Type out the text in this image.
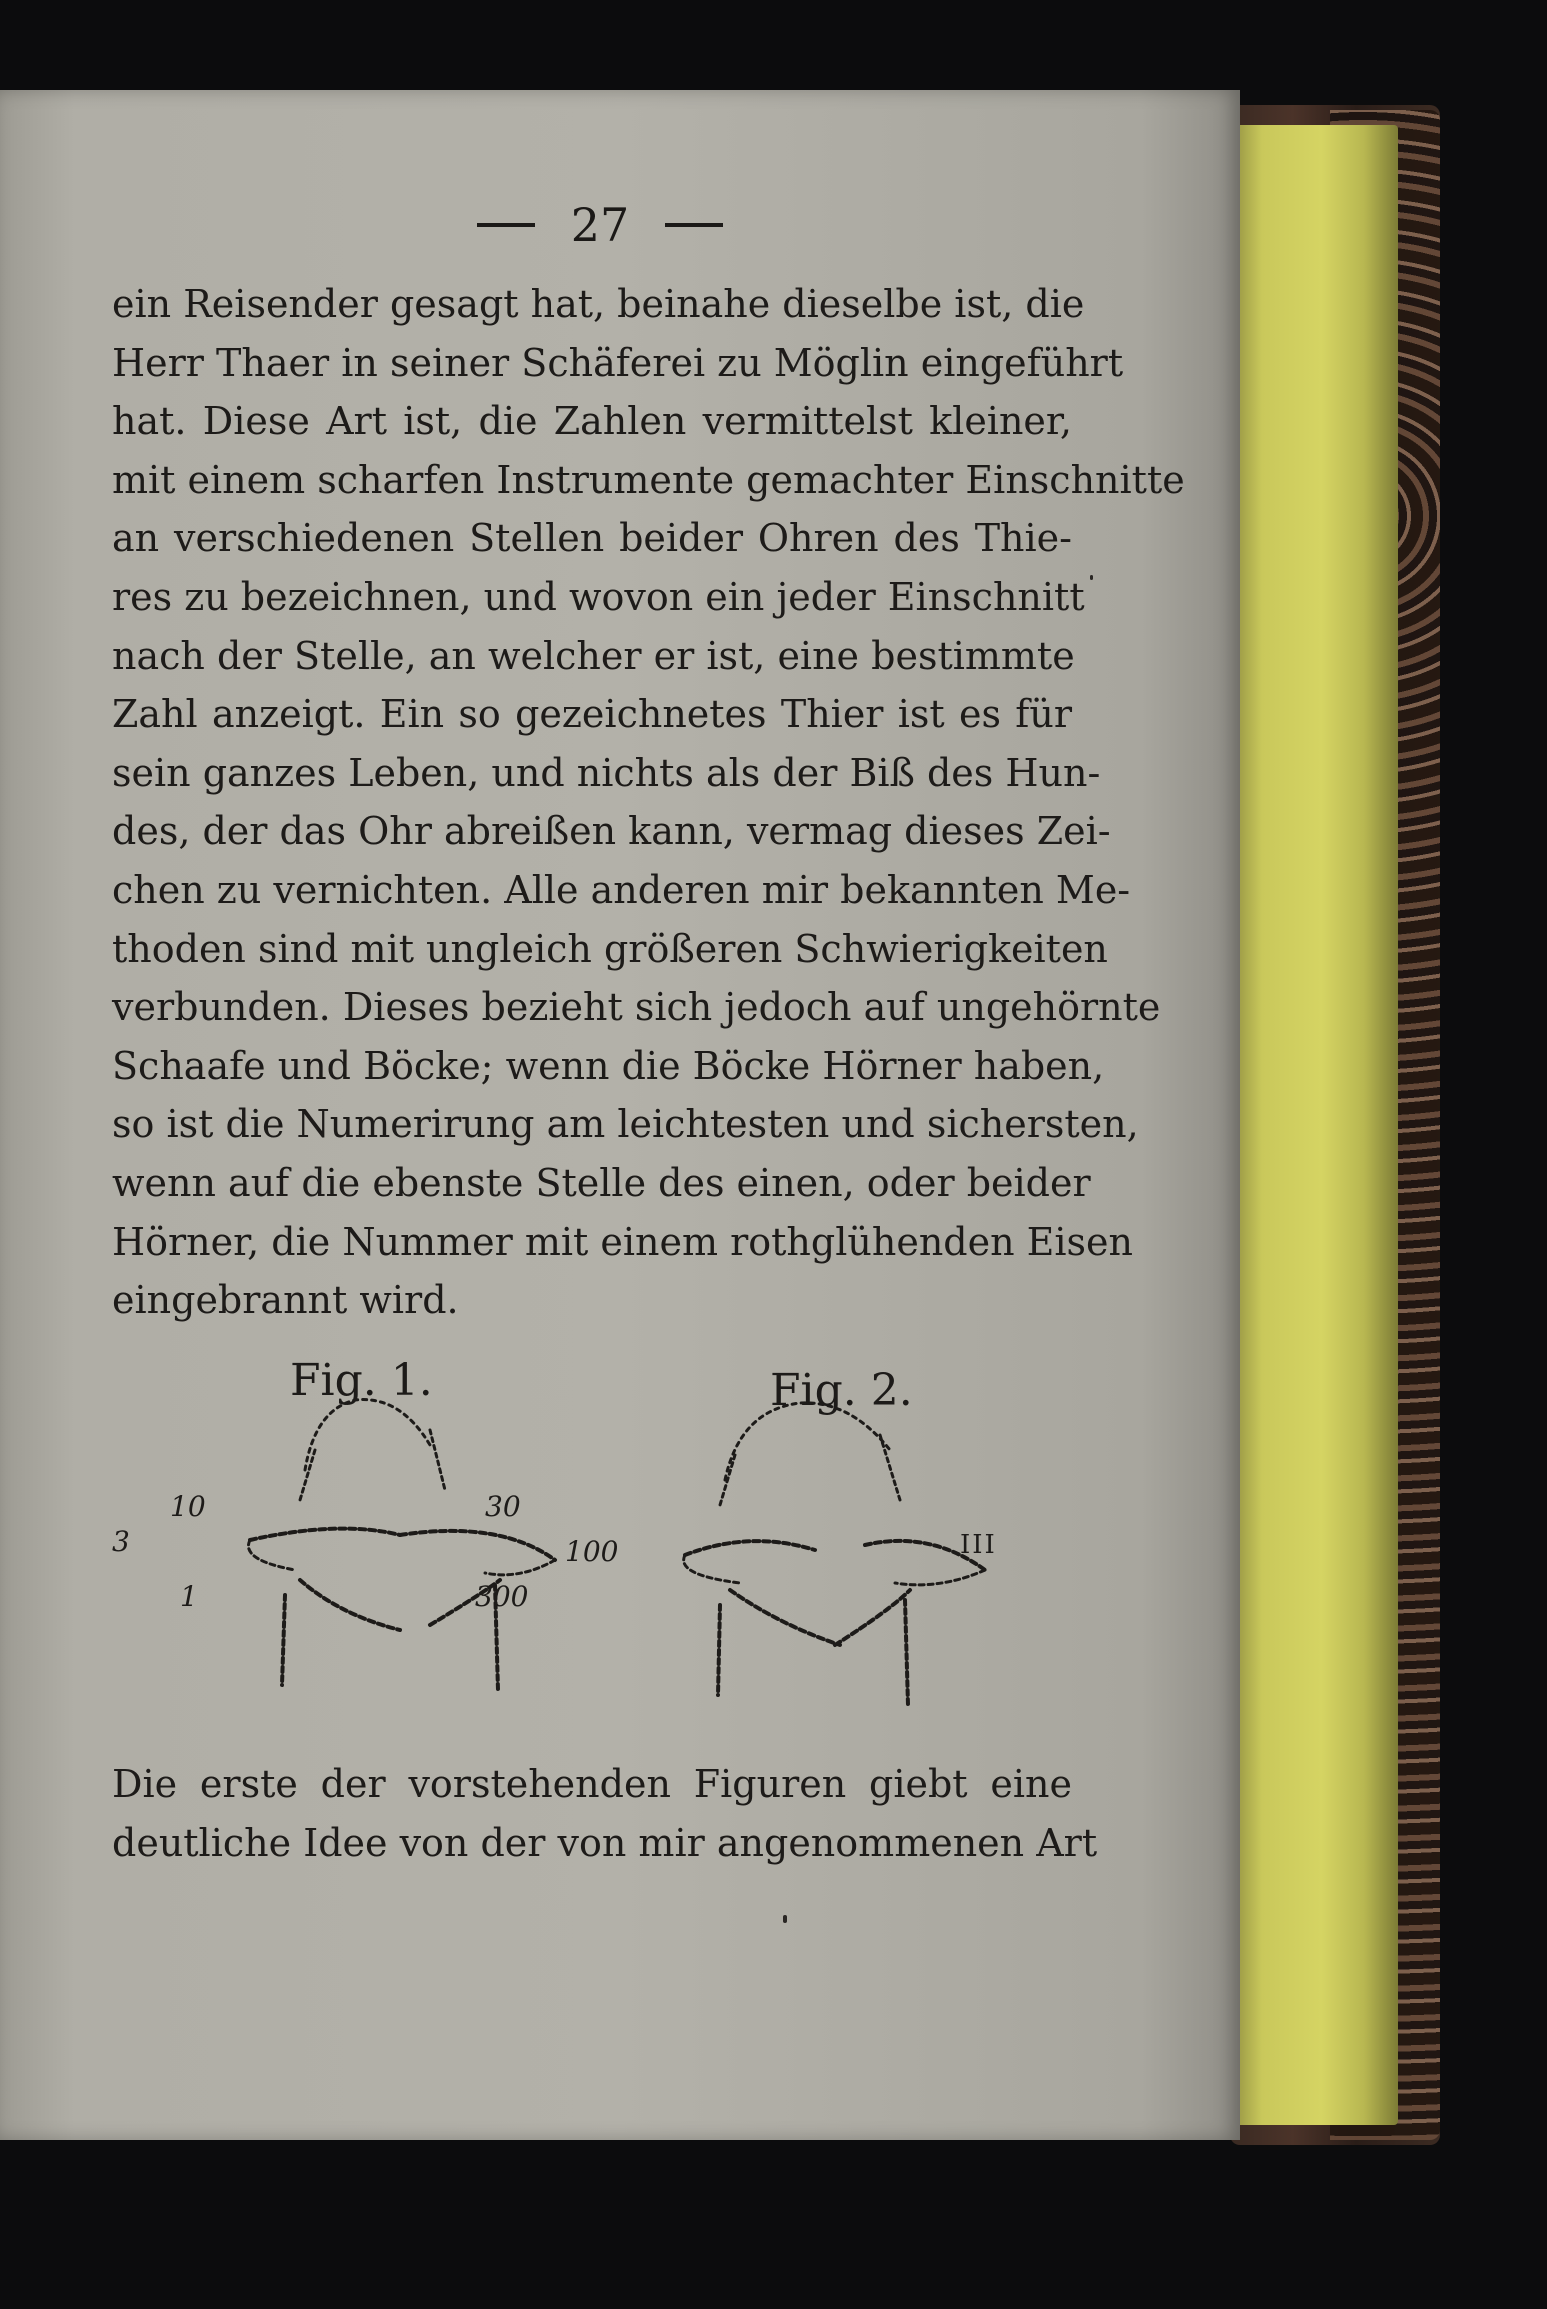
27
ein Reisender gesagt hat, beinahe dieselbe ist, die
Herr Thaer in seiner Schäferei zu Möglin eingeführt
hat. Diese Art ist, die Zahlen vermittelst kleiner,
mit einem scharfen Instrumente gemachter Einschnitte
an verschiedenen Stellen beider Ohren des Thie-
res zu bezeichnen, und wovon ein jeder Einschnitt
nach der Stelle, an welcher er ist, eine bestimmte
Zahl anzeigt. Ein so gezeichnetes Thier ist es für
sein ganzes Leben, und nichts als der Biß des Hun-
des, der das Ohr abreißen kann, vermag dieses Zei-
chen zu vernichten. Alle anderen mir bekannten Me-
thoden sind mit ungleich größeren Schwierigkeiten
verbunden. Dieses bezieht sich jedoch auf ungehörnte
Schaafe und Böcke; wenn die Böcke Hörner haben,
so ist die Numerirung am leichtesten und sichersten,
wenn auf die ebenste Stelle des einen, oder beider
Hörner, die Nummer mit einem rothglühenden Eisen
eingebrannt wird.
Fig. 1.	Fig. 2.
10	30
3
1	300
100	III
Die erste der vorstehenden Figuren giebt eine
deutliche Idee von der von mir angenommenen Art
